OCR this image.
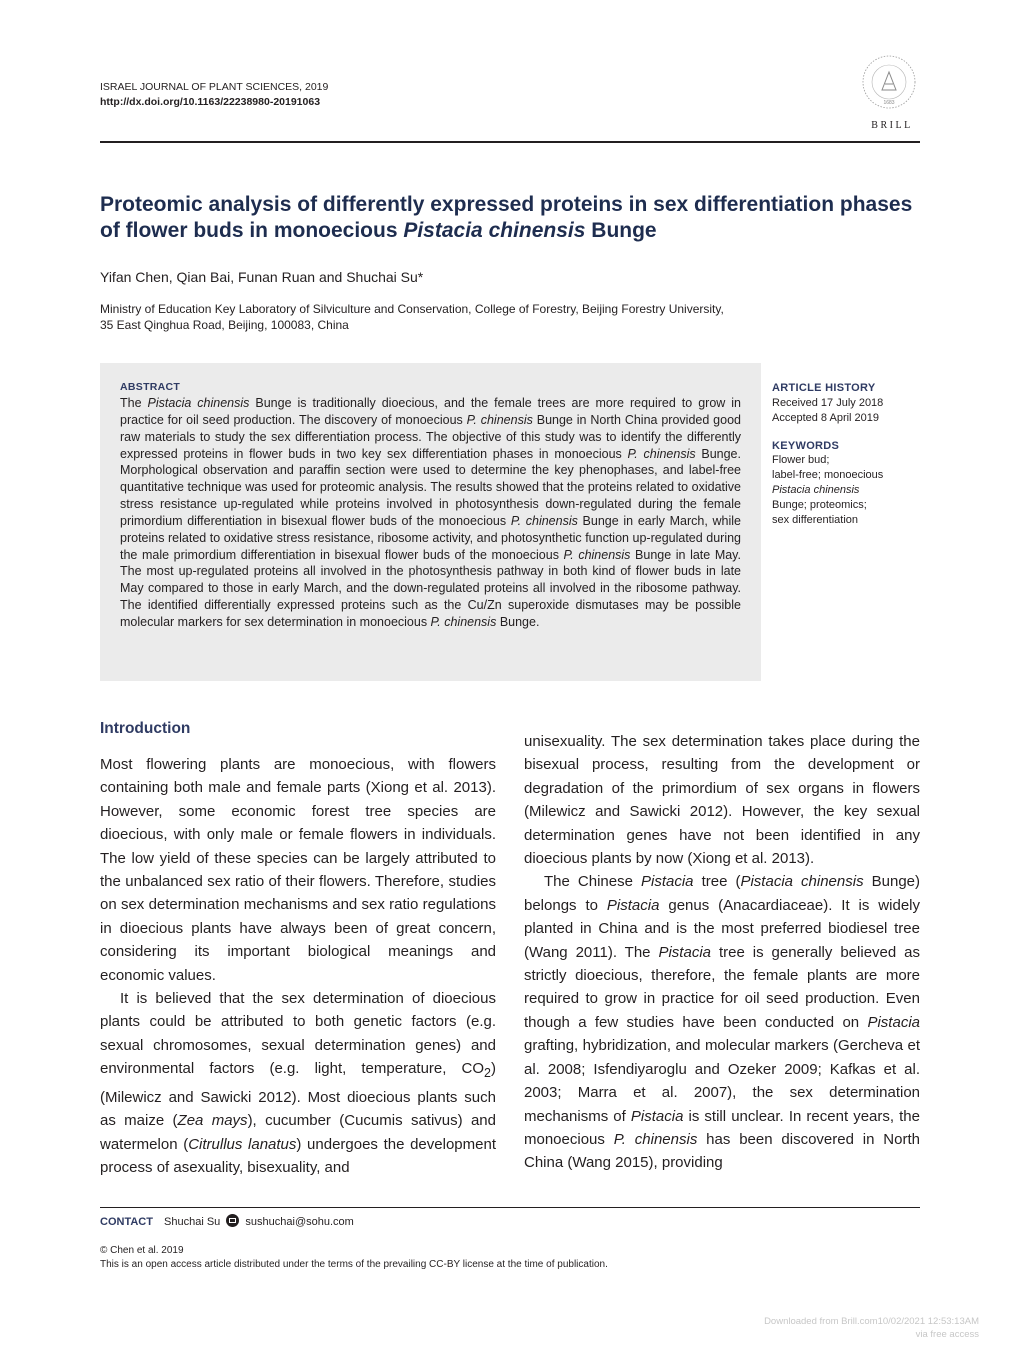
ISRAEL JOURNAL OF PLANT SCIENCES, 2019
http://dx.doi.org/10.1163/22238980-20191063	1683
BRILL
Proteomic analysis of differently expressed proteins in sex differentiation phases of flower buds in monoecious Pistacia chinensis Bunge
Yifan Chen, Qian Bai, Funan Ruan and Shuchai Su*
Ministry of Education Key Laboratory of Silviculture and Conservation, College of Forestry, Beijing Forestry University, 35 East Qinghua Road, Beijing, 100083, China
ABSTRACT
The Pistacia chinensis Bunge is traditionally dioecious, and the female trees are more required to grow in practice for oil seed production. The discovery of monoecious P. chinensis Bunge in North China provided good raw materials to study the sex differentiation process. The objective of this study was to identify the differently expressed proteins in flower buds in two key sex differentiation phases in monoecious P. chinensis Bunge. Morphological observation and paraffin section were used to determine the key phenophases, and label-free quantitative technique was used for proteomic analysis. The results showed that the proteins related to oxidative stress resistance up-regulated while proteins involved in photosynthesis down-regulated during the female primordium differentiation in bisexual flower buds of the monoecious P. chinensis Bunge in early March, while proteins related to oxidative stress resistance, ribosome activity, and photosynthetic function up-regulated during the male primordium differentiation in bisexual flower buds of the monoecious P. chinensis Bunge in late May. The most up-regulated proteins all involved in the photosynthesis pathway in both kind of flower buds in late May compared to those in early March, and the down-regulated proteins all involved in the ribosome pathway. The identified differentially expressed proteins such as the Cu/Zn superoxide dismutases may be possible molecular markers for sex determination in monoecious P. chinensis Bunge.
ARTICLE HISTORY
Received 17 July 2018
Accepted 8 April 2019
KEYWORDS
Flower bud;
label-free; monoecious
Pistacia chinensis
Bunge; proteomics;
sex differentiation
Introduction

Most flowering plants are monoecious, with flowers containing both male and female parts (Xiong et al. 2013). However, some economic forest tree species are dioecious, with only male or female flowers in individuals. The low yield of these species can be largely attributed to the unbalanced sex ratio of their flowers. Therefore, studies on sex determination mechanisms and sex ratio regulations in dioecious plants have always been of great concern, considering its important biological meanings and economic values.

It is believed that the sex determination of dioecious plants could be attributed to both genetic factors (e.g. sexual chromosomes, sexual determination genes) and environmental factors (e.g. light, temperature, $CO_2$) (Milewicz and Sawicki 2012). Most dioecious plants such as maize (Zea mays), cucumber (Cucumis sativus) and watermelon (Citrullus lanatus) undergoes the development process of asexuality, bisexuality, and

unisexuality. The sex determination takes place during the bisexual process, resulting from the development or degradation of the primordium of sex organs in flowers (Milewicz and Sawicki 2012). However, the key sexual determination genes have not been identified in any dioecious plants by now (Xiong et al. 2013).

The Chinese Pistacia tree (Pistacia chinensis Bunge) belongs to Pistacia genus (Anacardiaceae). It is widely planted in China and is the most preferred biodiesel tree (Wang 2011). The Pistacia tree is generally believed as strictly dioecious, therefore, the female plants are more required to grow in practice for oil seed production. Even though a few studies have been conducted on Pistacia grafting, hybridization, and molecular markers (Gercheva et al. 2008; Isfendiyaroglu and Ozeker 2009; Kafkas et al. 2003; Marra et al. 2007), the sex determination mechanisms of Pistacia is still unclear. In recent years, the monoecious P. chinensis has been discovered in North China (Wang 2015), providing

CONTACT Shuchai Su sushuchai@sohu.com
© Chen et al. 2019
This is an open access article distributed under the terms of the prevailing CC-BY license at the time of publication.
Downloaded from Brill.com10/02/2021 12:53:13AM
via free access
